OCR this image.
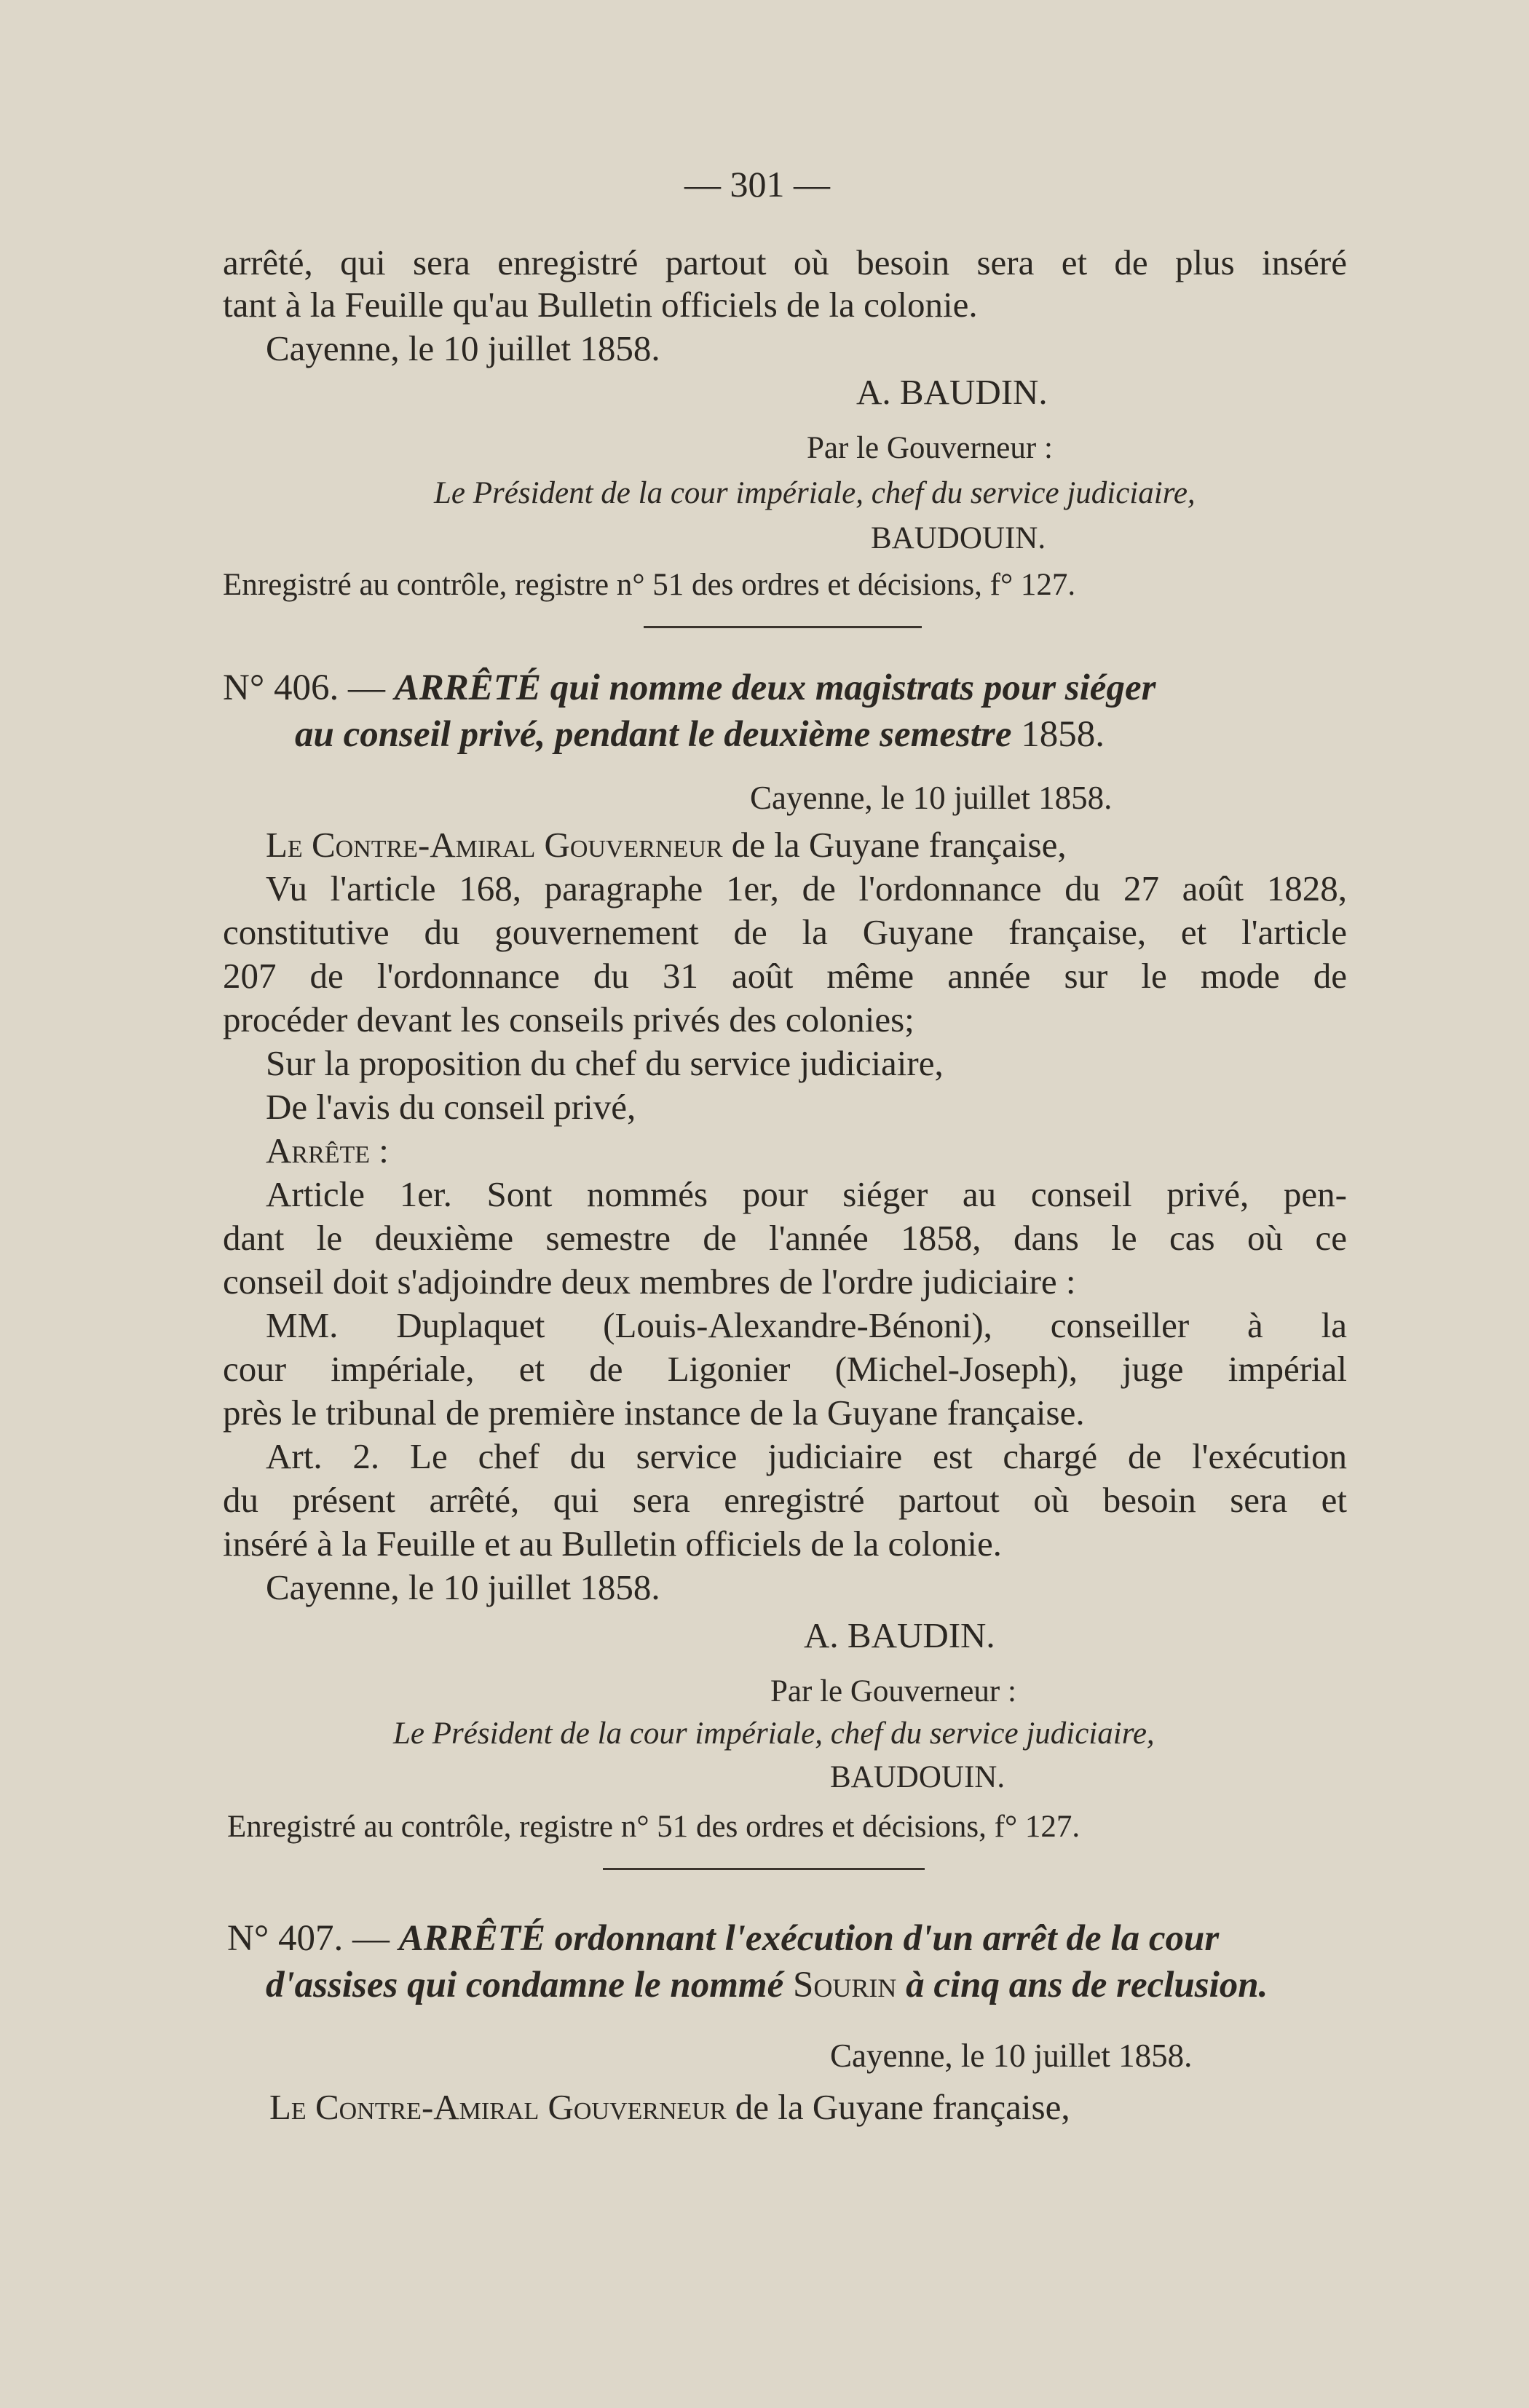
— 301 —

arrêté, qui sera enregistré partout où besoin sera et de plus inséré

tant à la Feuille qu'au Bulletin officiels de la colonie.

Cayenne, le 10 juillet 1858.

A. BAUDIN.

Par le Gouverneur :

Le Président de la cour impériale, chef du service judiciaire,

BAUDOUIN.

Enregistré au contrôle, registre n° 51 des ordres et décisions, f° 127.

N° 406. — ARRÊTÉ qui nomme deux magistrats pour siéger

au conseil privé, pendant le deuxième semestre 1858.

Cayenne, le 10 juillet 1858.

Le Contre-Amiral Gouverneur de la Guyane française,

Vu l'article 168, paragraphe 1er, de l'ordonnance du 27 août 1828,

constitutive du gouvernement de la Guyane française, et l'article

207 de l'ordonnance du 31 août même année sur le mode de

procéder devant les conseils privés des colonies;

Sur la proposition du chef du service judiciaire,

De l'avis du conseil privé,

Arrête :

Article 1er. Sont nommés pour siéger au conseil privé, pen-

dant le deuxième semestre de l'année 1858, dans le cas où ce

conseil doit s'adjoindre deux membres de l'ordre judiciaire :

MM. Duplaquet (Louis-Alexandre-Bénoni), conseiller à la

cour impériale, et de Ligonier (Michel-Joseph), juge impérial

près le tribunal de première instance de la Guyane française.

Art. 2. Le chef du service judiciaire est chargé de l'exécution

du présent arrêté, qui sera enregistré partout où besoin sera et

inséré à la Feuille et au Bulletin officiels de la colonie.

Cayenne, le 10 juillet 1858.

A. BAUDIN.

Par le Gouverneur :

Le Président de la cour impériale, chef du service judiciaire,

BAUDOUIN.

Enregistré au contrôle, registre n° 51 des ordres et décisions, f° 127.

N° 407. — ARRÊTÉ ordonnant l'exécution d'un arrêt de la cour

d'assises qui condamne le nommé Sourin à cinq ans de reclusion.

Cayenne, le 10 juillet 1858.

Le Contre-Amiral Gouverneur de la Guyane française,
